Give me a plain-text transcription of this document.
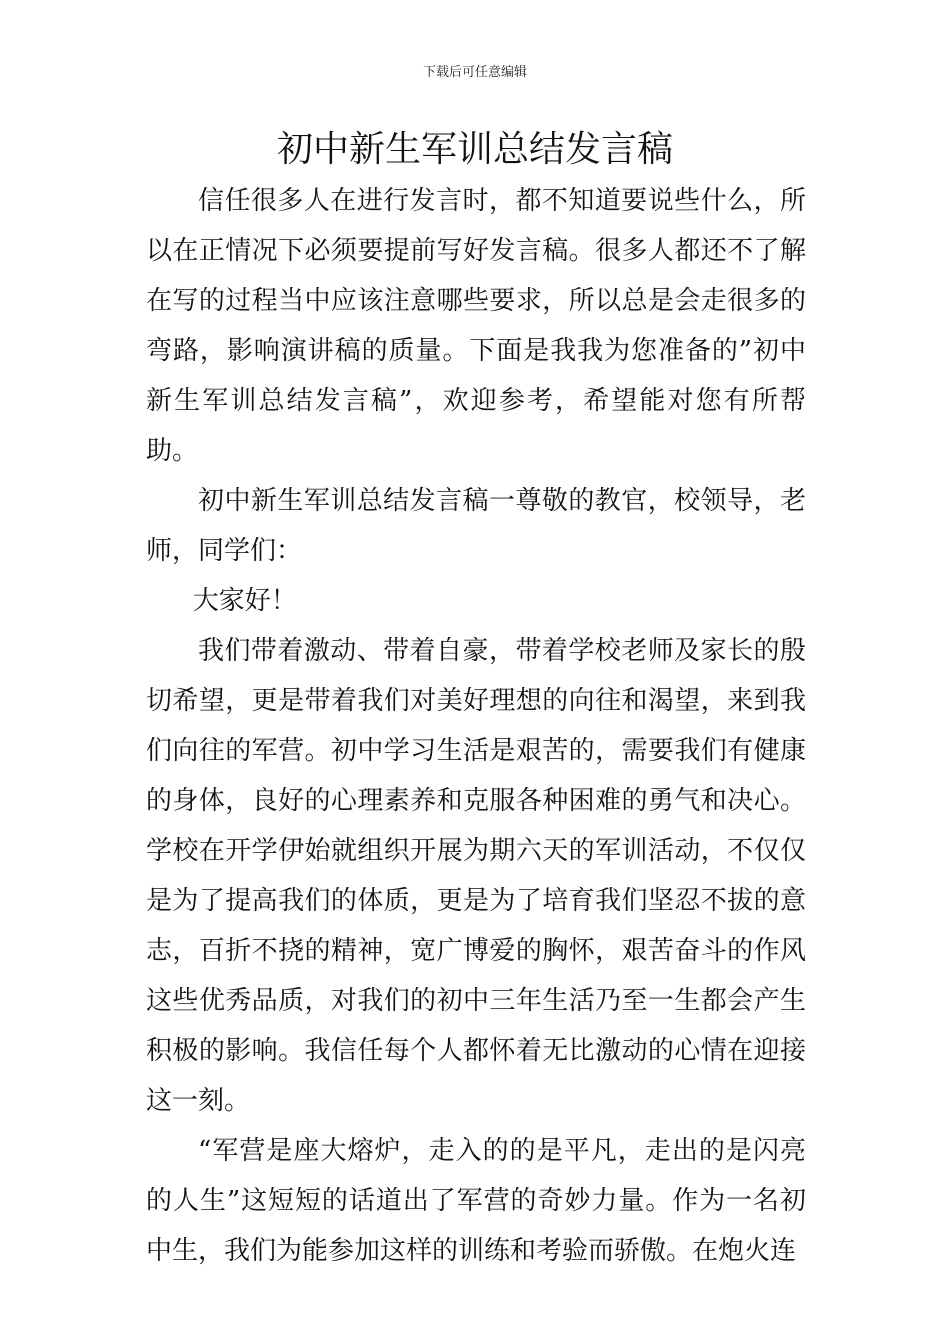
下载后可任意编辑
初中新生军训总结发言稿

信任很多人在进行发言时，都不知道要说些什么，所以在正情况下必须要提前写好发言稿。很多人都还不了解在写的过程当中应该注意哪些要求，所以总是会走很多的弯路，影响演讲稿的质量。下面是我我为您准备的”初中新生军训总结发言稿”，欢迎参考，希望能对您有所帮助。

初中新生军训总结发言稿一尊敬的教官，校领导，老师，同学们：

大家好！

我们带着激动、带着自豪，带着学校老师及家长的殷切希望，更是带着我们对美好理想的向往和渴望，来到我们向往的军营。初中学习生活是艰苦的，需要我们有健康的身体，良好的心理素养和克服各种困难的勇气和决心。学校在开学伊始就组织开展为期六天的军训活动，不仅仅是为了提高我们的体质，更是为了培育我们坚忍不拔的意志，百折不挠的精神，宽广博爱的胸怀，艰苦奋斗的作风这些优秀品质，对我们的初中三年生活乃至一生都会产生积极的影响。我信任每个人都怀着无比激动的心情在迎接这一刻。

“军营是座大熔炉，走入的的是平凡，走出的是闪亮的人生”这短短的话道出了军营的奇妙力量。作为一名初中生，我们为能参加这样的训练和考验而骄傲。在炮火连
